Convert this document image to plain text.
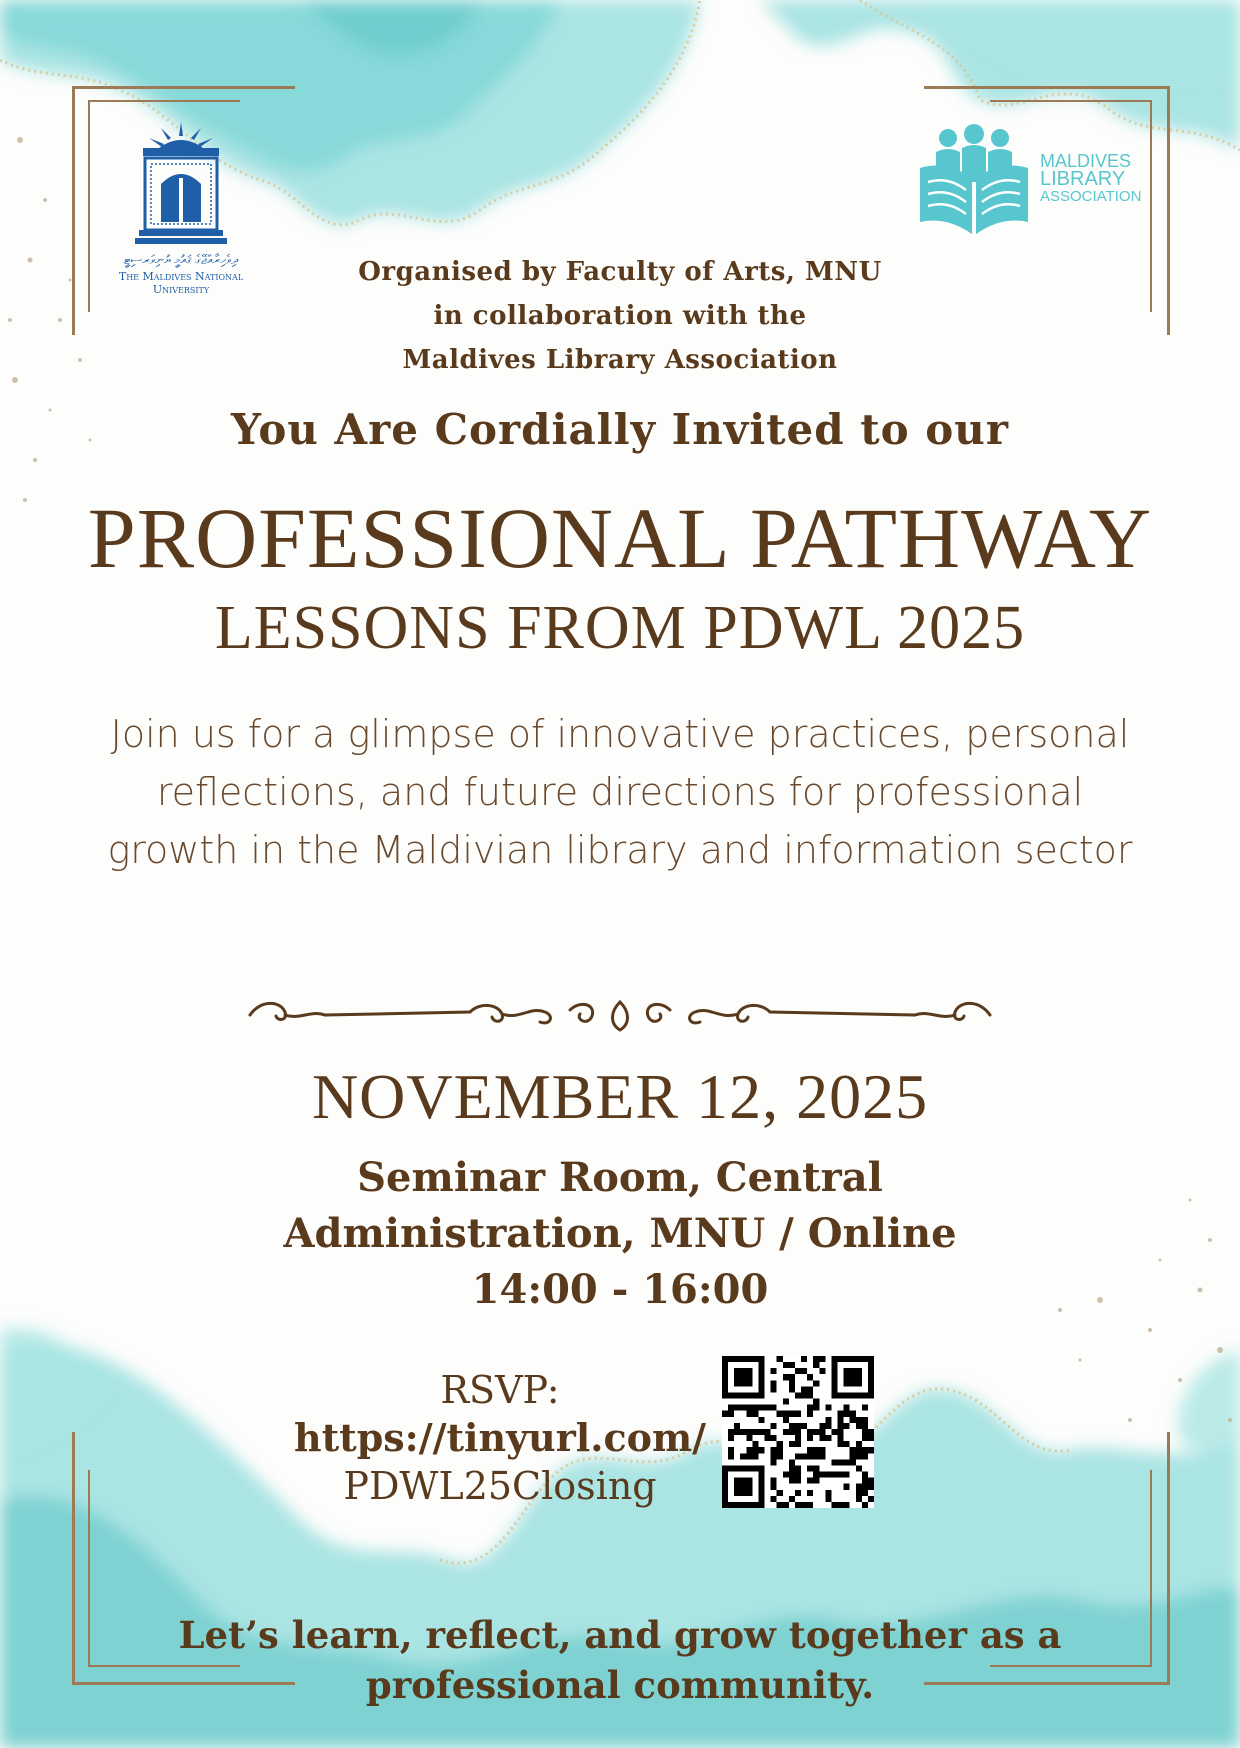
ދިވެހިރާއްޖޭގެ ޤައުމީ ޔުނިވަރސިޓީ
The Maldives National
University
MALDIVES
LIBRARY
ASSOCIATION
Organised by Faculty of Arts, MNU
in collaboration with the
Maldives Library Association
You Are Cordially Invited to our
PROFESSIONAL PATHWAY
LESSONS FROM PDWL 2025
Join us for a glimpse of innovative practices, personal reflections, and future directions for professional growth in the Maldivian library and information sector
NOVEMBER 12, 2025
Seminar Room, Central
Administration, MNU / Online
14:00 - 16:00
RSVP:
https://tinyurl.com/
PDWL25Closing
Let’s learn, reflect, and grow together as a
professional community.
